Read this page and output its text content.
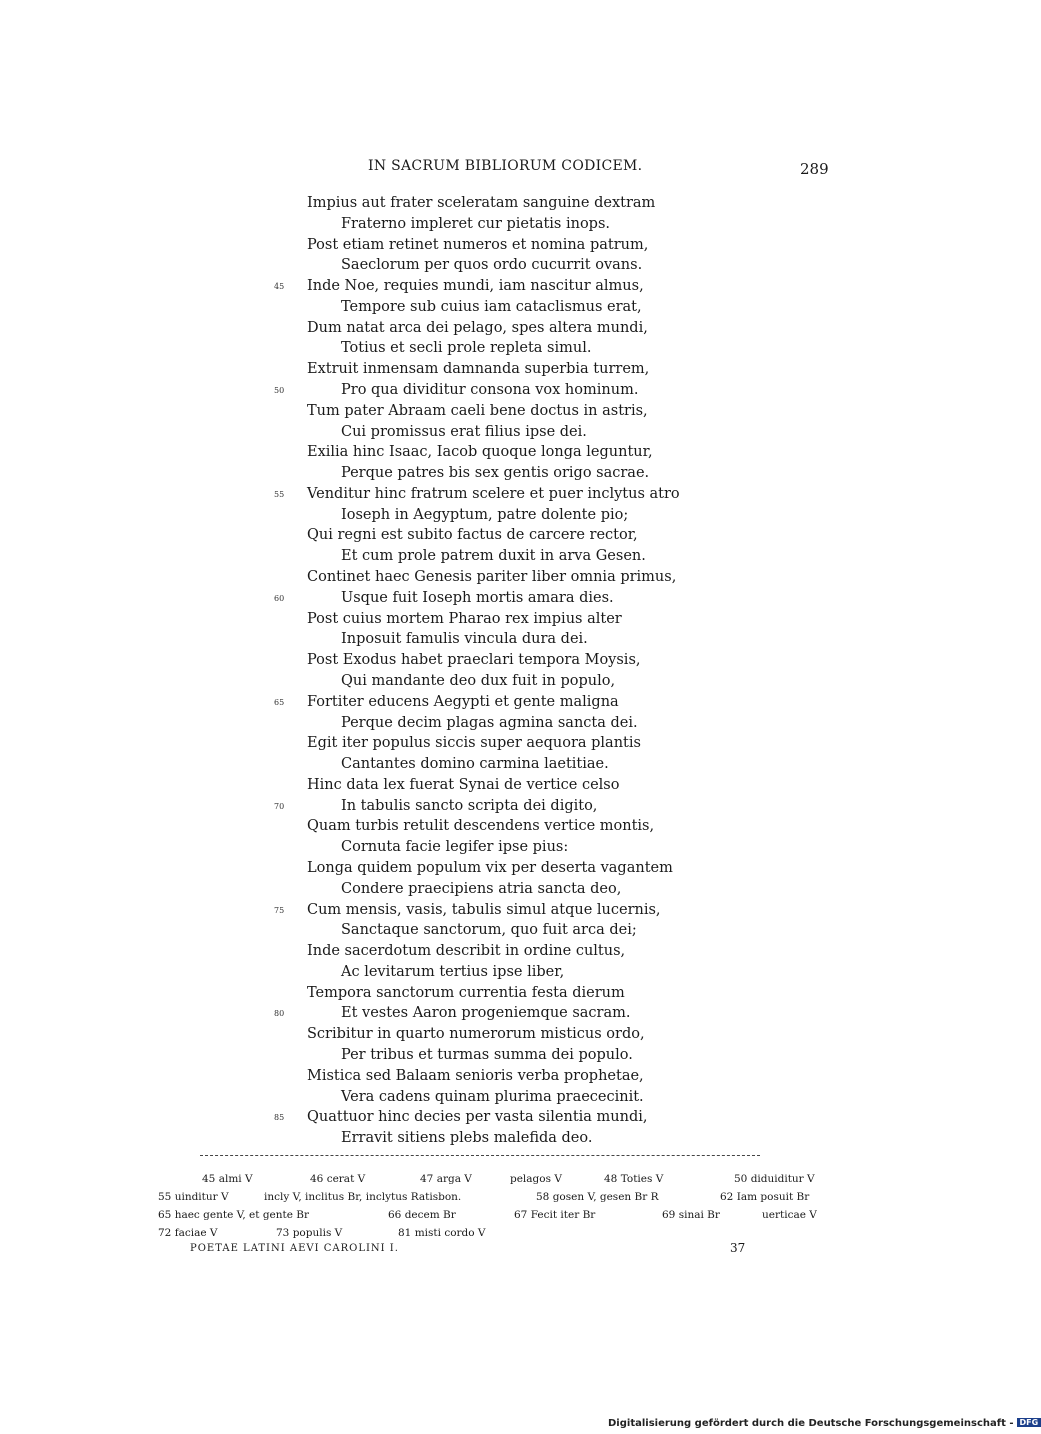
IN SACRUM BIBLIORUM CODICEM.	289
Impius aut frater sceleratam sanguine dextram
Fraterno impleret cur pietatis inops.
Post etiam retinet numeros et nomina patrum,
Saeclorum per quos ordo cucurrit ovans.
Inde Noe, requies mundi, iam nascitur almus,
45
Tempore sub cuius iam cataclismus erat,
Dum natat arca dei pelago, spes altera mundi,
Totius et secli prole repleta simul.
Extruit inmensam damnanda superbia turrem,
Pro qua dividitur consona vox hominum.
50
Tum pater Abraam caeli bene doctus in astris,
Cui promissus erat filius ipse dei.
Exilia hinc Isaac, Iacob quoque longa leguntur,
Perque patres bis sex gentis origo sacrae.
Venditur hinc fratrum scelere et puer inclytus atro
55
Ioseph in Aegyptum, patre dolente pio;
Qui regni est subito factus de carcere rector,
Et cum prole patrem duxit in arva Gesen.
Continet haec Genesis pariter liber omnia primus,
Usque fuit Ioseph mortis amara dies.
60
Post cuius mortem Pharao rex impius alter
Inposuit famulis vincula dura dei.
Post Exodus habet praeclari tempora Moysis,
Qui mandante deo dux fuit in populo,
Fortiter educens Aegypti et gente maligna
65
Perque decim plagas agmina sancta dei.
Egit iter populus siccis super aequora plantis
Cantantes domino carmina laetitiae.
Hinc data lex fuerat Synai de vertice celso
In tabulis sancto scripta dei digito,
70
Quam turbis retulit descendens vertice montis,
Cornuta facie legifer ipse pius:
Longa quidem populum vix per deserta vagantem
Condere praecipiens atria sancta deo,
Cum mensis, vasis, tabulis simul atque lucernis,
75
Sanctaque sanctorum, quo fuit arca dei;
Inde sacerdotum describit in ordine cultus,
Ac levitarum tertius ipse liber,
Tempora sanctorum currentia festa dierum
Et vestes Aaron progeniemque sacram.
80
Scribitur in quarto numerorum misticus ordo,
Per tribus et turmas summa dei populo.
Mistica sed Balaam senioris verba prophetae,
Vera cadens quinam plurima praececinit.
Quattuor hinc decies per vasta silentia mundi,
85
Erravit sitiens plebs malefida deo.
45 almi V	46 cerat V	47 arga V	pelagos V	48 Toties V	50 diduiditur V
55 uinditur V	incly V, inclitus Br, inclytus Ratisbon.	58 gosen V, gesen Br R	62 Iam posuit Br
65 haec gente V, et gente Br	66 decem Br	67 Fecit iter Br	69 sinai Br	uerticae V
72 faciae V	73 populis V	81 misti cordo V
POETAE LATINI AEVI CAROLINI I.	37
Digitalisierung gefördert durch die Deutsche Forschungsgemeinschaft - DFG
